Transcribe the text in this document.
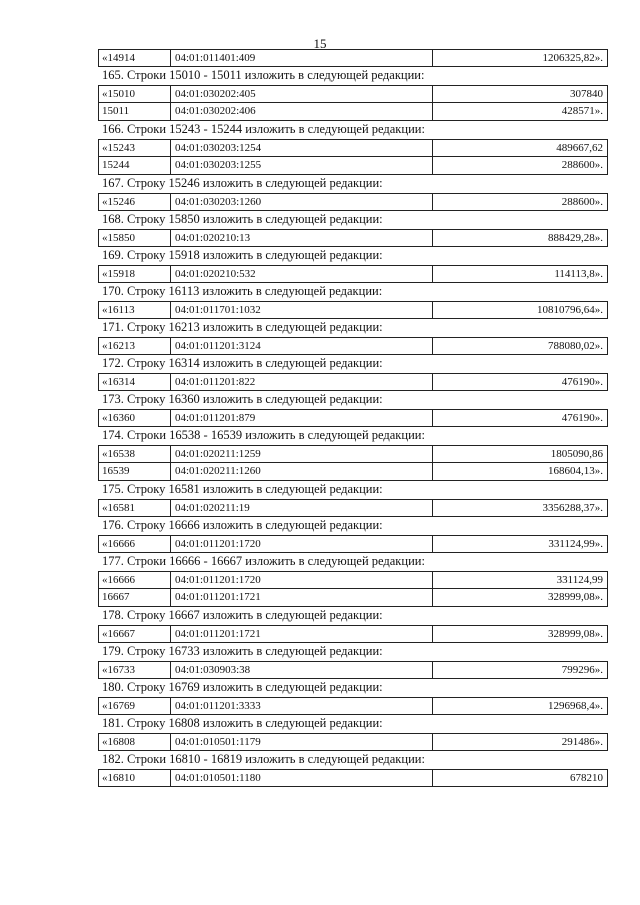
15
«14914	04:01:011401:409	1206325,82».
165. Строки 15010 - 15011 изложить в следующей редакции:
«15010	04:01:030202:405	307840
15011	04:01:030202:406	428571».
166. Строки 15243 - 15244 изложить в следующей редакции:
«15243	04:01:030203:1254	489667,62
15244	04:01:030203:1255	288600».
167. Строку 15246 изложить в следующей редакции:
«15246	04:01:030203:1260	288600».
168. Строку 15850 изложить в следующей редакции:
«15850	04:01:020210:13	888429,28».
169. Строку 15918 изложить в следующей редакции:
«15918	04:01:020210:532	114113,8».
170. Строку 16113 изложить в следующей редакции:
«16113	04:01:011701:1032	10810796,64».
171. Строку 16213 изложить в следующей редакции:
«16213	04:01:011201:3124	788080,02».
172. Строку 16314 изложить в следующей редакции:
«16314	04:01:011201:822	476190».
173. Строку 16360 изложить в следующей редакции:
«16360	04:01:011201:879	476190».
174. Строки 16538 - 16539 изложить в следующей редакции:
«16538	04:01:020211:1259	1805090,86
16539	04:01:020211:1260	168604,13».
175. Строку 16581 изложить в следующей редакции:
«16581	04:01:020211:19	3356288,37».
176. Строку 16666 изложить в следующей редакции:
«16666	04:01:011201:1720	331124,99».
177. Строки 16666 - 16667 изложить в следующей редакции:
«16666	04:01:011201:1720	331124,99
16667	04:01:011201:1721	328999,08».
178. Строку 16667 изложить в следующей редакции:
«16667	04:01:011201:1721	328999,08».
179. Строку 16733 изложить в следующей редакции:
«16733	04:01:030903:38	799296».
180. Строку 16769 изложить в следующей редакции:
«16769	04:01:011201:3333	1296968,4».
181. Строку 16808 изложить в следующей редакции:
«16808	04:01:010501:1179	291486».
182. Строки 16810 - 16819 изложить в следующей редакции:
«16810	04:01:010501:1180	678210
